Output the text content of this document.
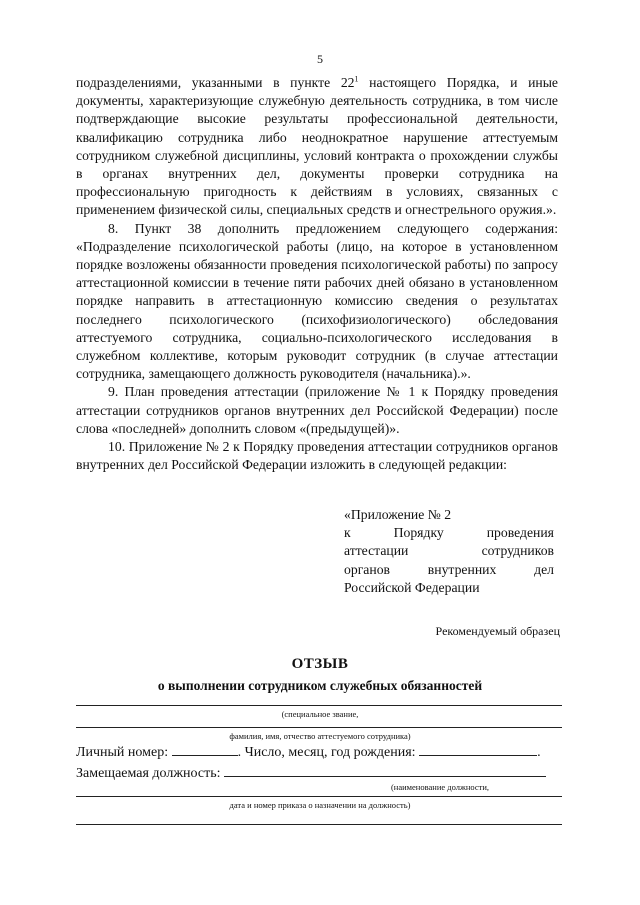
5

подразделениями, указанными в пункте $22^1$ настоящего Порядка, и иные документы, характеризующие служебную деятельность сотрудника, в том числе подтверждающие высокие результаты профессиональной деятельности, квалификацию сотрудника либо неоднократное нарушение аттестуемым сотрудником служебной дисциплины, условий контракта о прохождении службы в органах внутренних дел, документы проверки сотрудника на профессиональную пригодность к действиям в условиях, связанных с применением физической силы, специальных средств и огнестрельного оружия.».

8. Пункт 38 дополнить предложением следующего содержания: «Подразделение психологической работы (лицо, на которое в установленном порядке возложены обязанности проведения психологической работы) по запросу аттестационной комиссии в течение пяти рабочих дней обязано в установленном порядке направить в аттестационную комиссию сведения о результатах последнего психологического (психофизиологического) обследования аттестуемого сотрудника, социально-психологического исследования в служебном коллективе, которым руководит сотрудник (в случае аттестации сотрудника, замещающего должность руководителя (начальника).».

9. План проведения аттестации (приложение № 1 к Порядку проведения аттестации сотрудников органов внутренних дел Российской Федерации) после слова «последней» дополнить словом «(предыдущей)».

10. Приложение № 2 к Порядку проведения аттестации сотрудников органов внутренних дел Российской Федерации изложить в следующей редакции:

«Приложение № 2
к	Порядку	проведения
аттестации	сотрудников
органов	внутренних	дел
Российской Федерации
Рекомендуемый образец
ОТЗЫВ
о выполнении сотрудником служебных обязанностей
(специальное звание,
фамилия, имя, отчество аттестуемого сотрудника)
Личный номер:	. Число, месяц, год рождения:	.
Замещаемая должность:
(наименование должности,
дата и номер приказа о назначении на должность)
